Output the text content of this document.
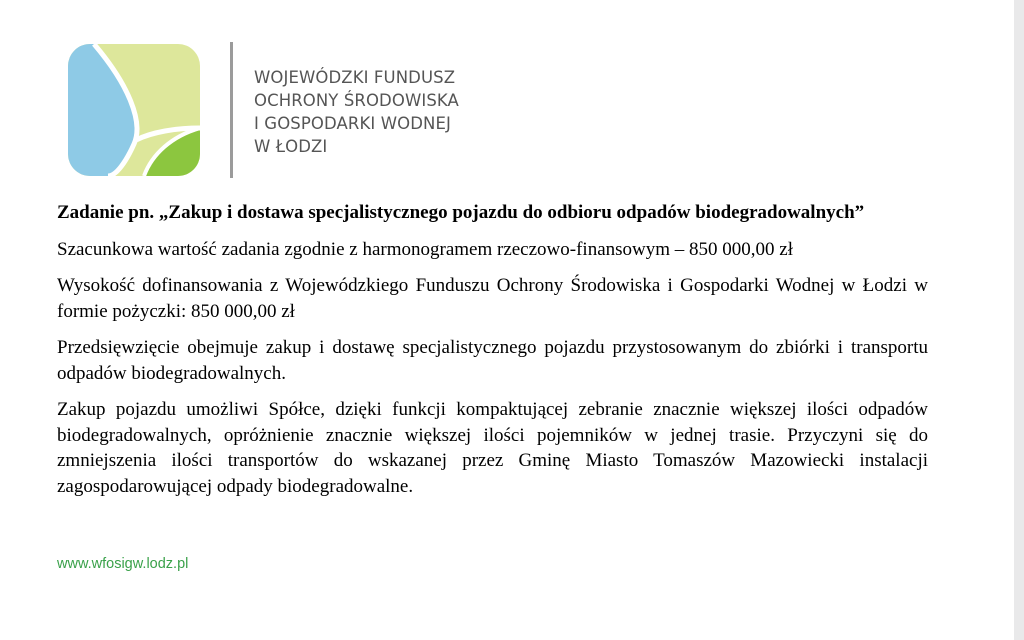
WOJEWÓDZKI FUNDUSZ
OCHRONY ŚRODOWISKA
I GOSPODARKI WODNEJ
W ŁODZI

Zadanie pn. „Zakup i dostawa specjalistycznego pojazdu do odbioru odpadów biodegradowalnych”

Szacunkowa wartość zadania zgodnie z harmonogramem rzeczowo-finansowym – 850 000,00 zł

Wysokość dofinansowania z Wojewódzkiego Funduszu Ochrony Środowiska i Gospodarki Wodnej w Łodzi w formie pożyczki: 850 000,00 zł

Przedsięwzięcie obejmuje zakup i dostawę specjalistycznego pojazdu przystosowanym do zbiórki i transportu odpadów biodegradowalnych.

Zakup pojazdu umożliwi Spółce, dzięki funkcji kompaktującej zebranie znacznie większej ilości odpadów biodegradowalnych, opróżnienie znacznie większej ilości pojemników w jednej trasie. Przyczyni się do zmniejszenia ilości transportów do wskazanej przez Gminę Miasto Tomaszów Mazowiecki instalacji zagospodarowującej odpady biodegradowalne.

www.wfosigw.lodz.pl
